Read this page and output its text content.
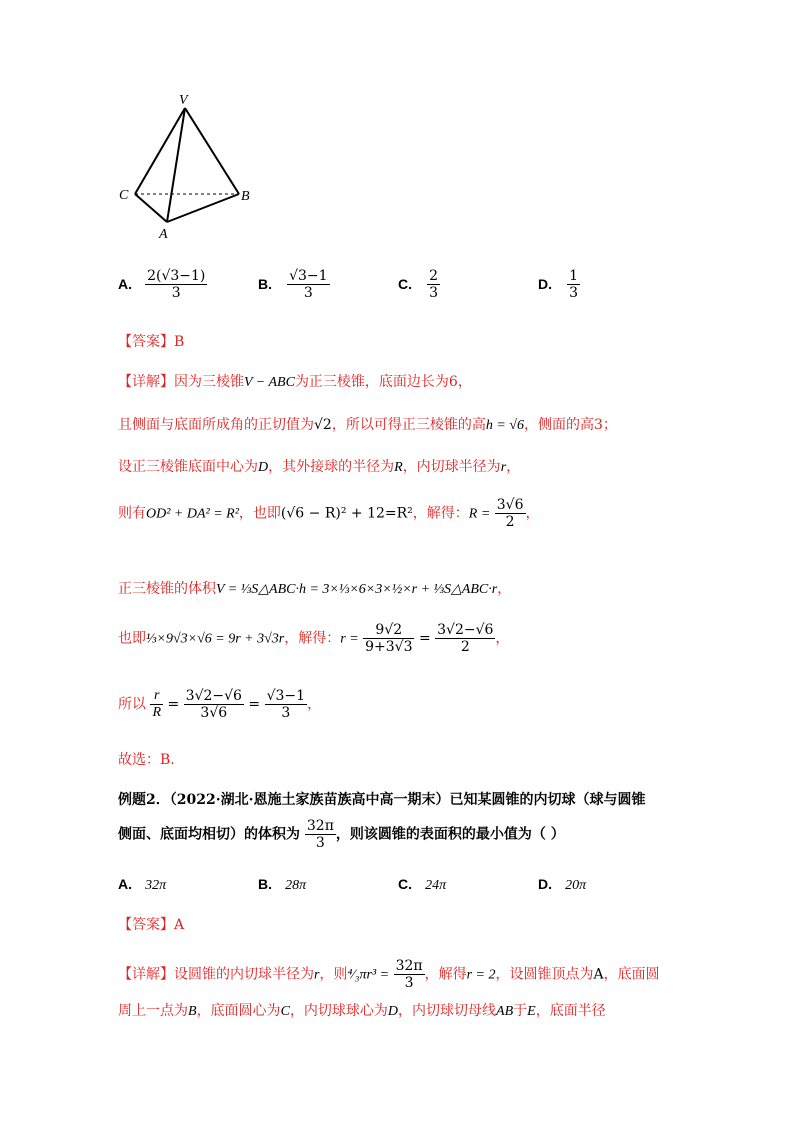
V
C	B
A
A. $\frac{2(√3-1)}{3}$	B. $\frac{√3-1}{3}$	C. $\frac{2}{3}$	D. $\frac{1}{3}$
【答案】B
【详解】因为三棱锥V − ABC为正三棱锥，底面边长为6，
且侧面与底面所成角的正切值为√2，所以可得正三棱锥的高h = √6，侧面的高3；
设正三棱锥底面中心为D，其外接球的半径为R，内切球半径为r，
则有OD² + DA² = R²，也即(√6 − R)² + 12=R²，解得：$R = \frac{3√6}{2}$ ，
正三棱锥的体积V = ⅓S△ABC·h = 3×⅓×6×3×½×r + ⅓S△ABC·r，
也即⅓×9√3×√6 = 9r + 3√3r，解得：$r = \frac{9√2}{9+3√3} = \frac{3√2-√6}{2}$ ，
所以 $\frac{r}{R} = \frac{3√2-√6}{3√6} = \frac{√3-1}{3}$ ，
故选：B.
例题2．（2022·湖北·恩施土家族苗族高中高一期末）已知某圆锥的内切球（球与圆锥
侧面、底面均相切）的体积为 $\frac{32\pi}{3}$ ，则该圆锥的表面积的最小值为（ ）
A. 32π	B. 28π	C. 24π	D. 20π
【答案】A
【详解】设圆锥的内切球半径为r，则⁴⁄₃πr³ = $\frac{32\pi}{3}$ ，解得r = 2，设圆锥顶点为A，底面圆
周上一点为B，底面圆心为C，内切球球心为D，内切球切母线AB于E，底面半径
